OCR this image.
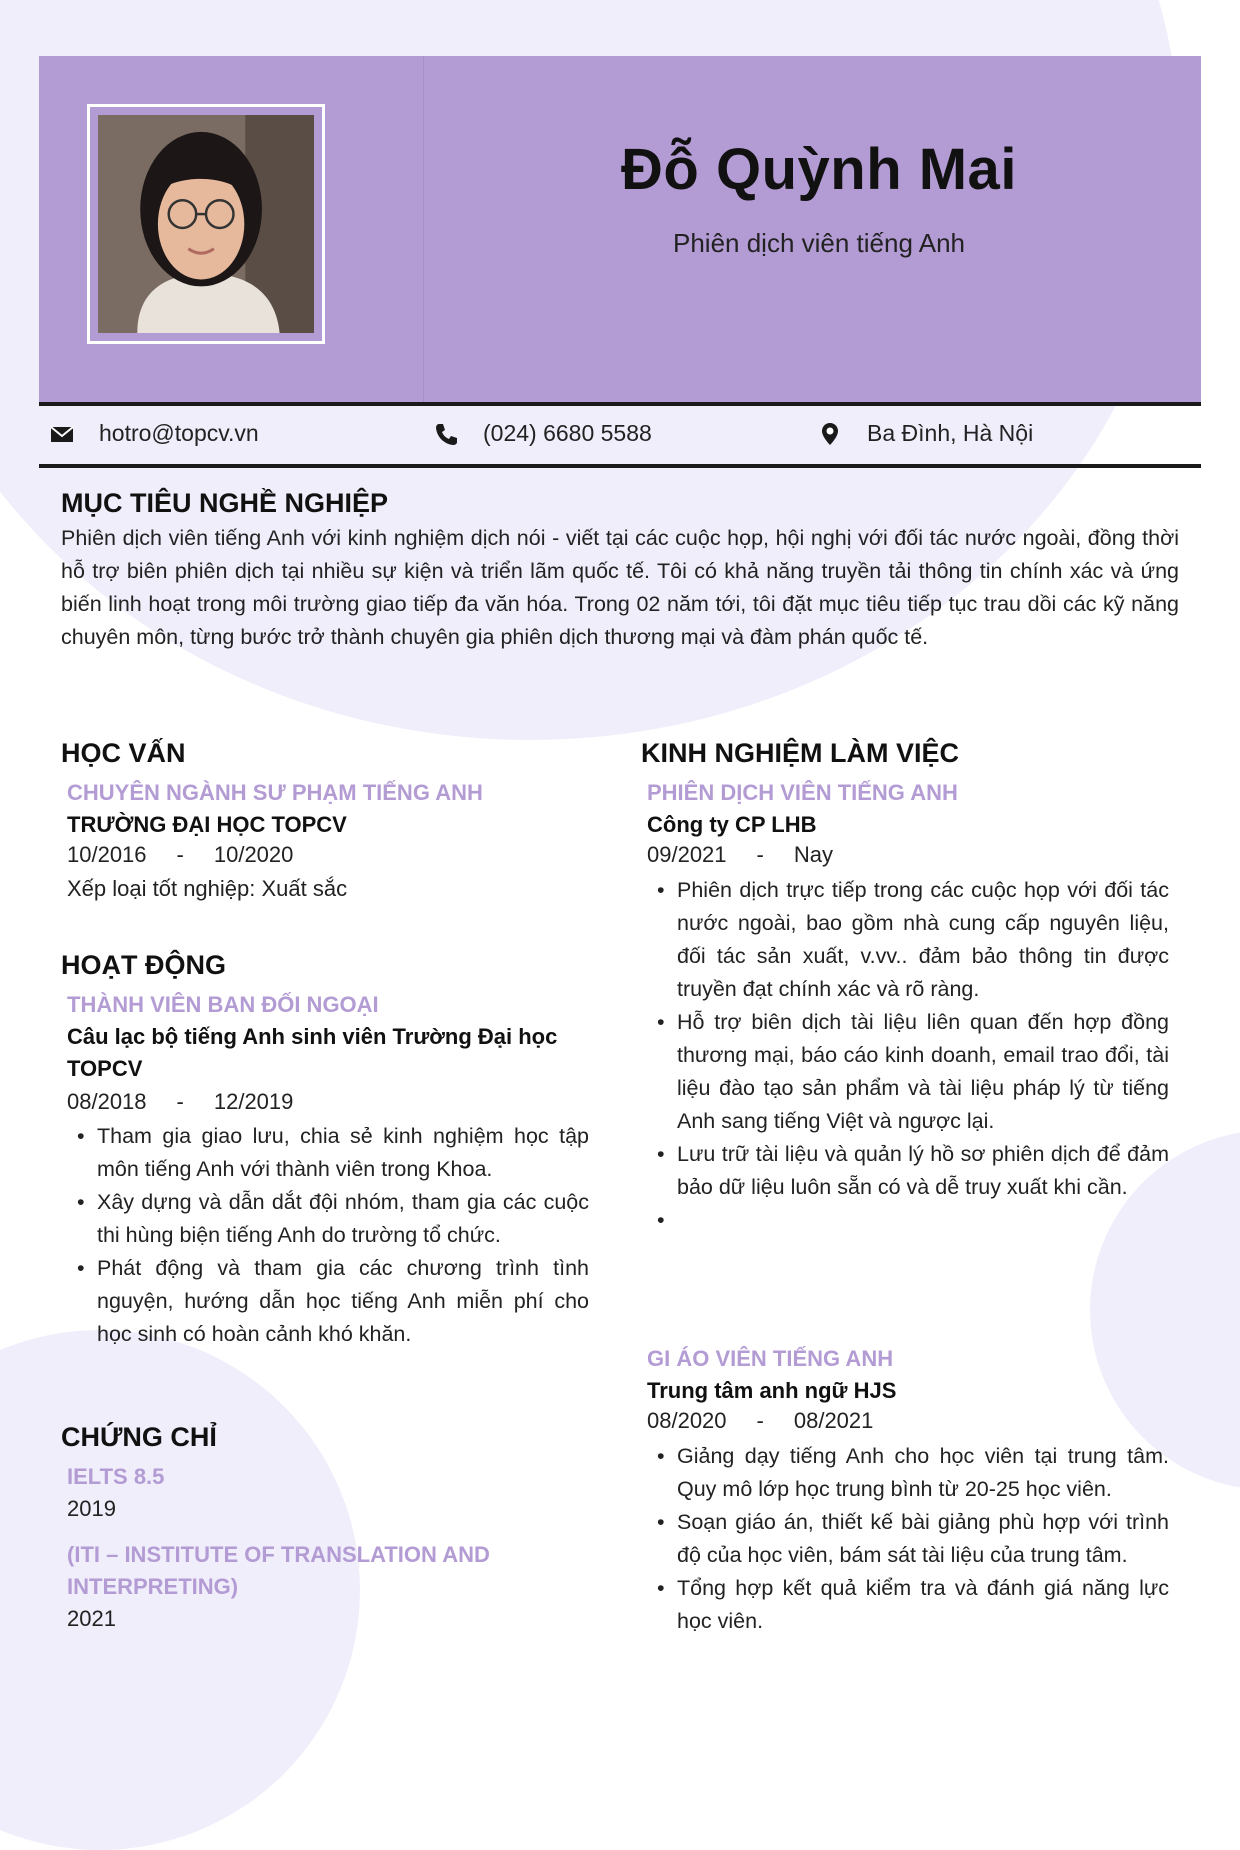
Đỗ Quỳnh Mai
Phiên dịch viên tiếng Anh
hotro@topcv.vn	(024) 6680 5588	Ba Đình, Hà Nội
MỤC TIÊU NGHỀ NGHIỆP
Phiên dịch viên tiếng Anh với kinh nghiệm dịch nói - viết tại các cuộc họp, hội nghị với đối tác nước ngoài, đồng thời hỗ trợ biên phiên dịch tại nhiều sự kiện và triển lãm quốc tế. Tôi có khả năng truyền tải thông tin chính xác và ứng biến linh hoạt trong môi trường giao tiếp đa văn hóa. Trong 02 năm tới, tôi đặt mục tiêu tiếp tục trau dồi các kỹ năng chuyên môn, từng bước trở thành chuyên gia phiên dịch thương mại và đàm phán quốc tế.
HỌC VẤN
CHUYÊN NGÀNH SƯ PHẠM TIẾNG ANH
TRƯỜNG ĐẠI HỌC TOPCV
10/2016 - 10/2020
Xếp loại tốt nghiệp: Xuất sắc
HOẠT ĐỘNG
THÀNH VIÊN BAN ĐỐI NGOẠI
Câu lạc bộ tiếng Anh sinh viên Trường Đại học TOPCV
08/2018 - 12/2019
• Tham gia giao lưu, chia sẻ kinh nghiệm học tập môn tiếng Anh với thành viên trong Khoa.
• Xây dựng và dẫn dắt đội nhóm, tham gia các cuộc thi hùng biện tiếng Anh do trường tổ chức.
• Phát động và tham gia các chương trình tình nguyện, hướng dẫn học tiếng Anh miễn phí cho học sinh có hoàn cảnh khó khăn.
CHỨNG CHỈ
IELTS 8.5
2019
(ITI – INSTITUTE OF TRANSLATION AND INTERPRETING)
2021
KINH NGHIỆM LÀM VIỆC
PHIÊN DỊCH VIÊN TIẾNG ANH
Công ty CP LHB
09/2021 - Nay
• Phiên dịch trực tiếp trong các cuộc họp với đối tác nước ngoài, bao gồm nhà cung cấp nguyên liệu, đối tác sản xuất, v.vv.. đảm bảo thông tin được truyền đạt chính xác và rõ ràng.
• Hỗ trợ biên dịch tài liệu liên quan đến hợp đồng thương mại, báo cáo kinh doanh, email trao đổi, tài liệu đào tạo sản phẩm và tài liệu pháp lý từ tiếng Anh sang tiếng Việt và ngược lại.
• Lưu trữ tài liệu và quản lý hồ sơ phiên dịch để đảm bảo dữ liệu luôn sẵn có và dễ truy xuất khi cần.
•
GI ÁO VIÊN TIẾNG ANH
Trung tâm anh ngữ HJS
08/2020 - 08/2021
• Giảng dạy tiếng Anh cho học viên tại trung tâm. Quy mô lớp học trung bình từ 20-25 học viên.
• Soạn giáo án, thiết kế bài giảng phù hợp với trình độ của học viên, bám sát tài liệu của trung tâm.
• Tổng hợp kết quả kiểm tra và đánh giá năng lực học viên.
